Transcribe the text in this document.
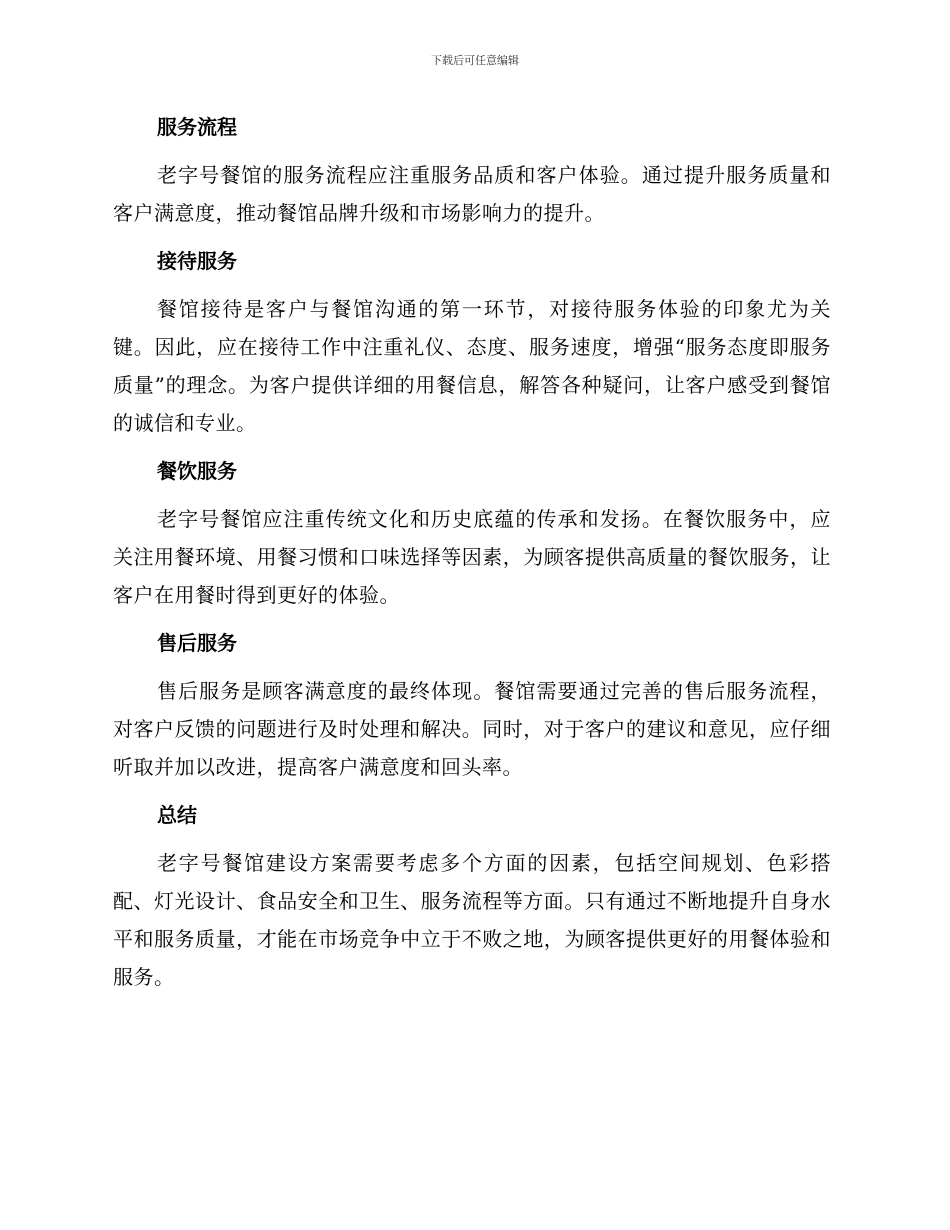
下载后可任意编辑
服务流程

老字号餐馆的服务流程应注重服务品质和客户体验。通过提升服务质量和客户满意度，推动餐馆品牌升级和市场影响力的提升。

接待服务

餐馆接待是客户与餐馆沟通的第一环节，对接待服务体验的印象尤为关键。因此，应在接待工作中注重礼仪、态度、服务速度，增强“服务态度即服务质量”的理念。为客户提供详细的用餐信息，解答各种疑问，让客户感受到餐馆的诚信和专业。

餐饮服务

老字号餐馆应注重传统文化和历史底蕴的传承和发扬。在餐饮服务中，应关注用餐环境、用餐习惯和口味选择等因素，为顾客提供高质量的餐饮服务，让客户在用餐时得到更好的体验。

售后服务

售后服务是顾客满意度的最终体现。餐馆需要通过完善的售后服务流程，对客户反馈的问题进行及时处理和解决。同时，对于客户的建议和意见，应仔细听取并加以改进，提高客户满意度和回头率。

总结

老字号餐馆建设方案需要考虑多个方面的因素，包括空间规划、色彩搭配、灯光设计、食品安全和卫生、服务流程等方面。只有通过不断地提升自身水平和服务质量，才能在市场竞争中立于不败之地，为顾客提供更好的用餐体验和服务。
